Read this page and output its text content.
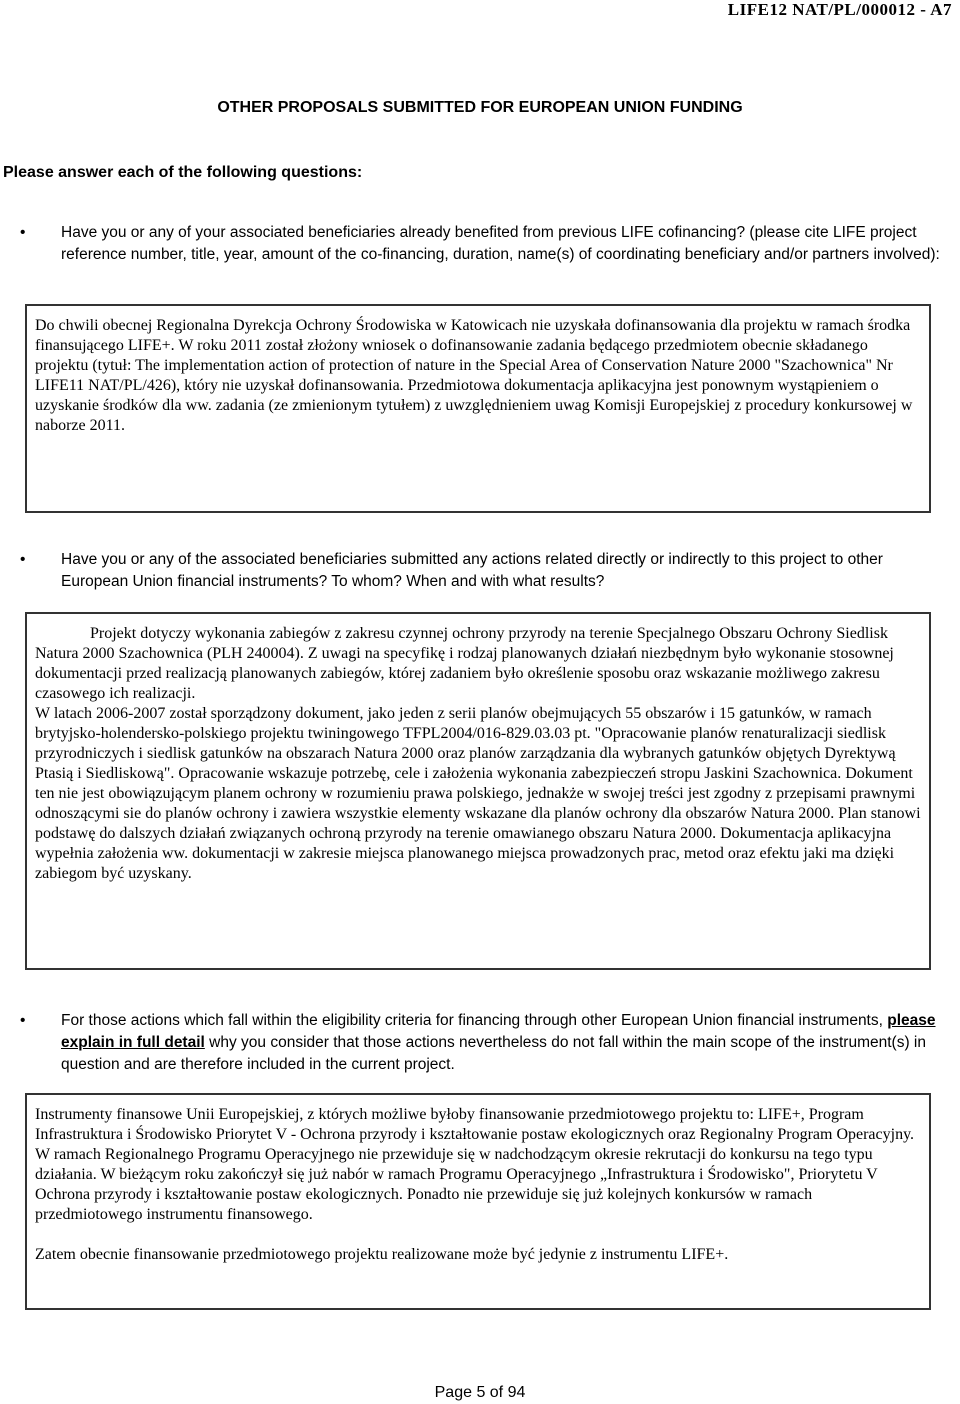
LIFE12 NAT/PL/000012 - A7
OTHER PROPOSALS SUBMITTED FOR EUROPEAN UNION FUNDING
Please answer each of the following questions:
•	Have you or any of your associated beneficiaries already benefited from previous LIFE cofinancing? (please cite LIFE project reference number, title, year, amount of the co-financing, duration, name(s) of coordinating beneficiary and/or partners involved):

Do chwili obecnej Regionalna Dyrekcja Ochrony Środowiska w Katowicach nie uzyskała dofinansowania dla projektu w ramach środka finansującego LIFE+. W roku 2011 został złożony wniosek o dofinansowanie zadania będącego przedmiotem obecnie składanego projektu (tytuł: The implementation action of protection of nature in the Special Area of Conservation Nature 2000 "Szachownica" Nr LIFE11 NAT/PL/426), który nie uzyskał dofinansowania. Przedmiotowa dokumentacja aplikacyjna jest ponownym wystąpieniem o uzyskanie środków dla ww. zadania (ze zmienionym tytułem) z uwzględnieniem uwag Komisji Europejskiej z procedury konkursowej w naborze 2011.

•	Have you or any of the associated beneficiaries submitted any actions related directly or indirectly to this project to other European Union financial instruments? To whom? When and with what results?

Projekt dotyczy wykonania zabiegów z zakresu czynnej ochrony przyrody na terenie Specjalnego Obszaru Ochrony Siedlisk Natura 2000 Szachownica (PLH 240004). Z uwagi na specyfikę i rodzaj planowanych działań niezbędnym było wykonanie stosownej dokumentacji przed realizacją planowanych zabiegów, której zadaniem było określenie sposobu oraz wskazanie możliwego zakresu czasowego ich realizacji.

W latach 2006-2007 został sporządzony dokument, jako jeden z serii planów obejmujących 55 obszarów i 15 gatunków, w ramach brytyjsko-holendersko-polskiego projektu twiningowego TFPL2004/016-829.03.03 pt. "Opracowanie planów renaturalizacji siedlisk przyrodniczych i siedlisk gatunków na obszarach Natura 2000 oraz planów zarządzania dla wybranych gatunków objętych Dyrektywą Ptasią i Siedliskową". Opracowanie wskazuje potrzebę, cele i założenia wykonania zabezpieczeń stropu Jaskini Szachownica. Dokument ten nie jest obowiązującym planem ochrony w rozumieniu prawa polskiego, jednakże w swojej treści jest zgodny z przepisami prawnymi odnoszącymi sie do planów ochrony i zawiera wszystkie elementy wskazane dla planów ochrony dla obszarów Natura 2000. Plan stanowi podstawę do dalszych działań związanych ochroną przyrody na terenie omawianego obszaru Natura 2000. Dokumentacja aplikacyjna wypełnia założenia ww. dokumentacji w zakresie miejsca planowanego miejsca prowadzonych prac, metod oraz efektu jaki ma dzięki zabiegom być uzyskany.

•	For those actions which fall within the eligibility criteria for financing through other European Union financial instruments, please explain in full detail why you consider that those actions nevertheless do not fall within the main scope of the instrument(s) in question and are therefore included in the current project.

Instrumenty finansowe Unii Europejskiej, z których możliwe byłoby finansowanie przedmiotowego projektu to: LIFE+, Program Infrastruktura i Środowisko Priorytet V - Ochrona przyrody i kształtowanie postaw ekologicznych oraz Regionalny Program Operacyjny. W ramach Regionalnego Programu Operacyjnego nie przewiduje się w nadchodzącym okresie rekrutacji do konkursu na tego typu działania. W bieżącym roku zakończył się już nabór w ramach Programu Operacyjnego „Infrastruktura i Środowisko", Priorytetu V Ochrona przyrody i kształtowanie postaw ekologicznych. Ponadto nie przewiduje się już kolejnych konkursów w ramach przedmiotowego instrumentu finansowego.

Zatem obecnie finansowanie przedmiotowego projektu realizowane może być jedynie z instrumentu LIFE+.

Page 5 of 94
